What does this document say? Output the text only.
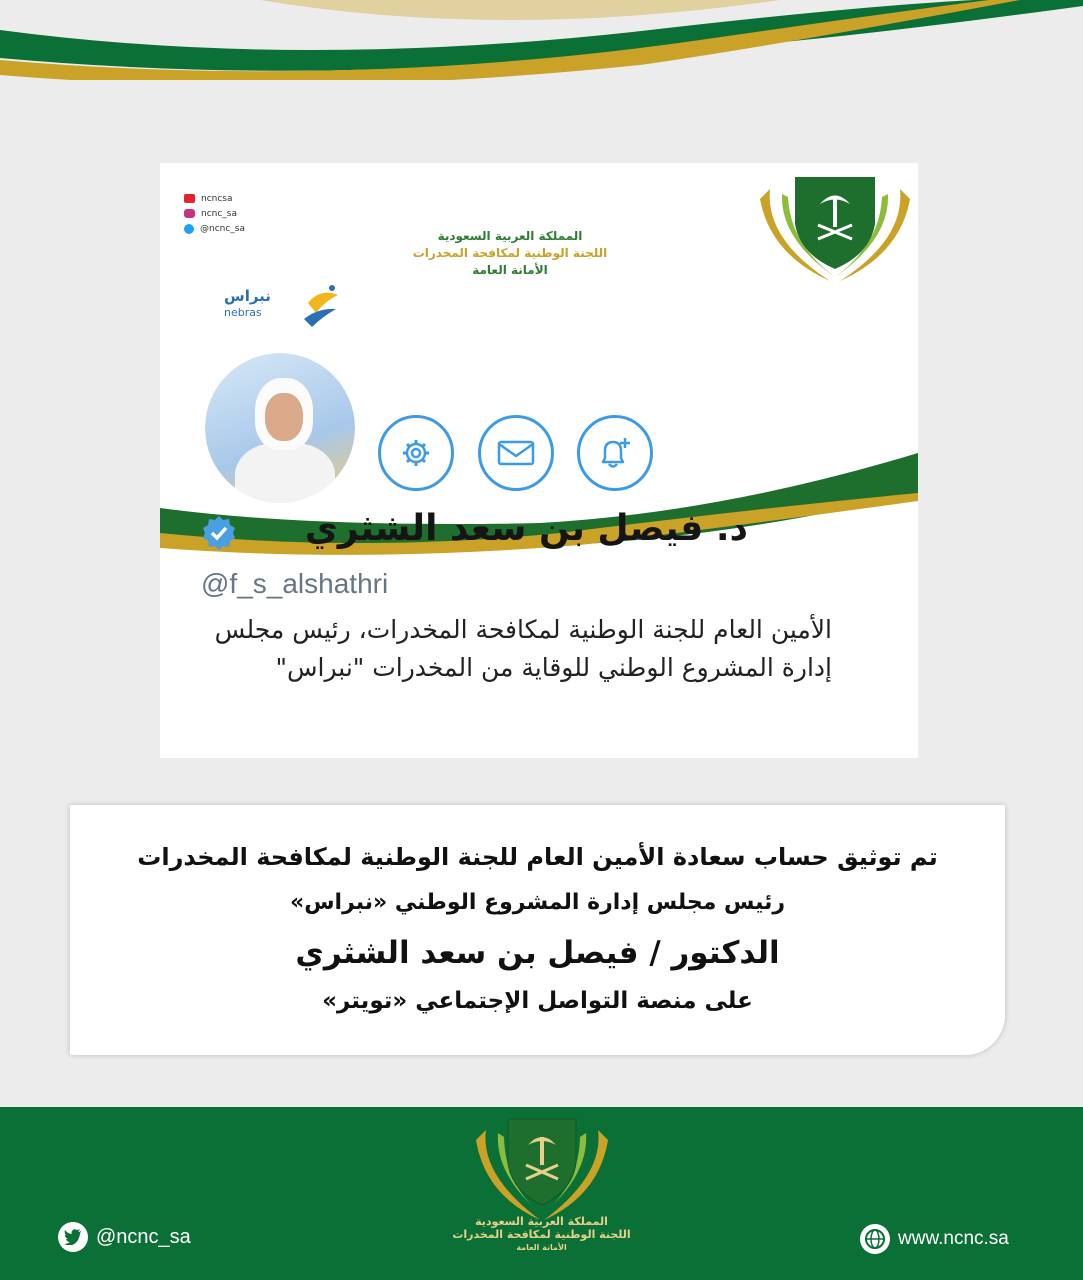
ncncsa
ncnc_sa
@ncnc_sa
نبراس
nebras
المملكة العربية السعودية
اللجنة الوطنية لمكافحة المخدرات
الأمانة العامة
د. فيصل بن سعد الشثري
@f_s_alshathri
الأمين العام للجنة الوطنية لمكافحة المخدرات، رئيس مجلس إدارة المشروع الوطني للوقاية من المخدرات "نبراس"
تم توثيق حساب سعادة الأمين العام للجنة الوطنية لمكافحة المخدرات
رئيس مجلس إدارة المشروع الوطني «نبراس»
الدكتور / فيصل بن سعد الشثري
على منصة التواصل الإجتماعي «تويتر»
المملكة العربية السعودية
اللجنة الوطنية لمكافحة المخدرات
الأمانة العامة
@ncnc_sa	www.ncnc.sa
